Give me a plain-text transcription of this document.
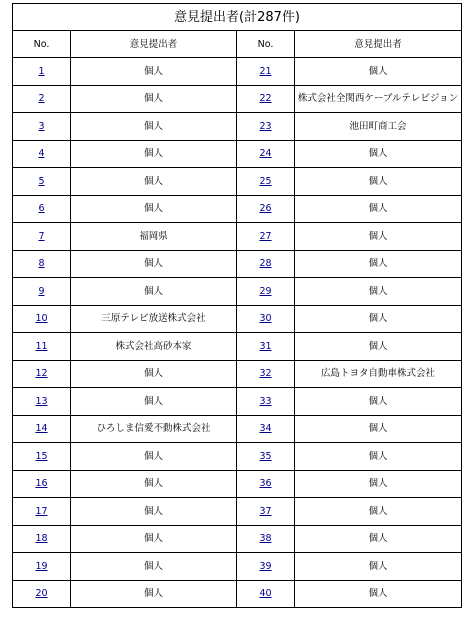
意見提出者(計287件)			
No.	意見提出者	No.	意見提出者
1	個人	21	個人
2	個人	22	株式会社全関西ケーブルテレビジョン
3	個人	23	池田町商工会
4	個人	24	個人
5	個人	25	個人
6	個人	26	個人
7	福岡県	27	個人
8	個人	28	個人
9	個人	29	個人
10	三原テレビ放送株式会社	30	個人
11	株式会社高砂本家	31	個人
12	個人	32	広島トヨタ自動車株式会社
13	個人	33	個人
14	ひろしま信愛不動株式会社	34	個人
15	個人	35	個人
16	個人	36	個人
17	個人	37	個人
18	個人	38	個人
19	個人	39	個人
20	個人	40	個人
